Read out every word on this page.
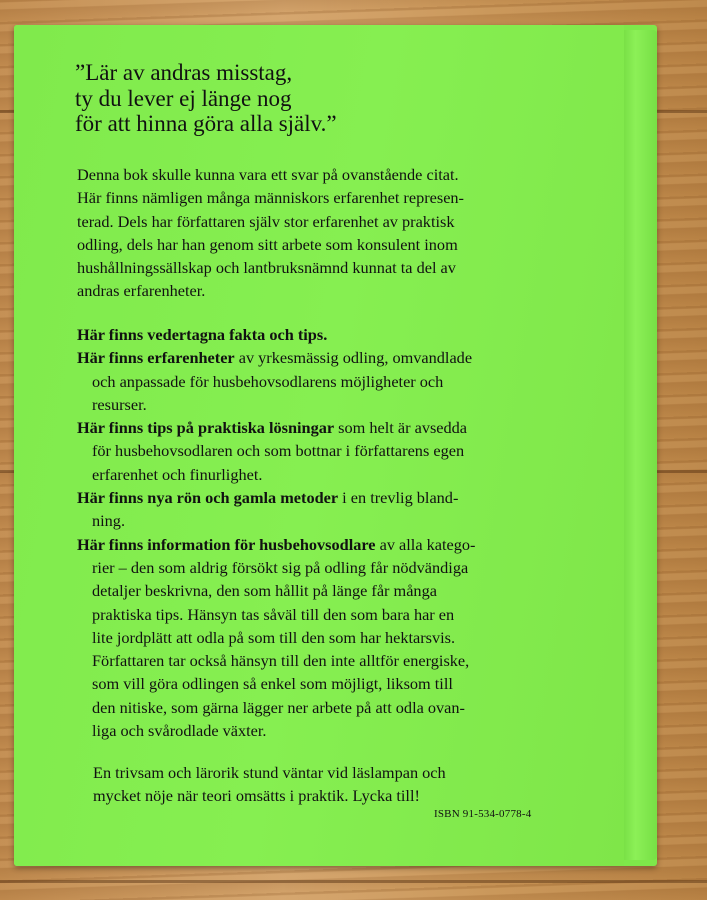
”Lär av andras misstag,
ty du lever ej länge nog
för att hinna göra alla själv.”
Denna bok skulle kunna vara ett svar på ovanstående citat.
Här finns nämligen många människors erfarenhet represen-
terad. Dels har författaren själv stor erfarenhet av praktisk
odling, dels har han genom sitt arbete som konsulent inom
hushållningssällskap och lantbruksnämnd kunnat ta del av
andras erfarenheter.
Här finns vedertagna fakta och tips.
Här finns erfarenheter av yrkesmässig odling, omvandlade
och anpassade för husbehovsodlarens möjligheter och
resurser.
Här finns tips på praktiska lösningar som helt är avsedda
för husbehovsodlaren och som bottnar i författarens egen
erfarenhet och finurlighet.
Här finns nya rön och gamla metoder i en trevlig bland-
ning.
Här finns information för husbehovsodlare av alla katego-
rier – den som aldrig försökt sig på odling får nödvändiga
detaljer beskrivna, den som hållit på länge får många
praktiska tips. Hänsyn tas såväl till den som bara har en
lite jordplätt att odla på som till den som har hektarsvis.
Författaren tar också hänsyn till den inte alltför energiske,
som vill göra odlingen så enkel som möjligt, liksom till
den nitiske, som gärna lägger ner arbete på att odla ovan-
liga och svårodlade växter.
En trivsam och lärorik stund väntar vid läslampan och
mycket nöje när teori omsätts i praktik. Lycka till!
ISBN 91-534-0778-4
